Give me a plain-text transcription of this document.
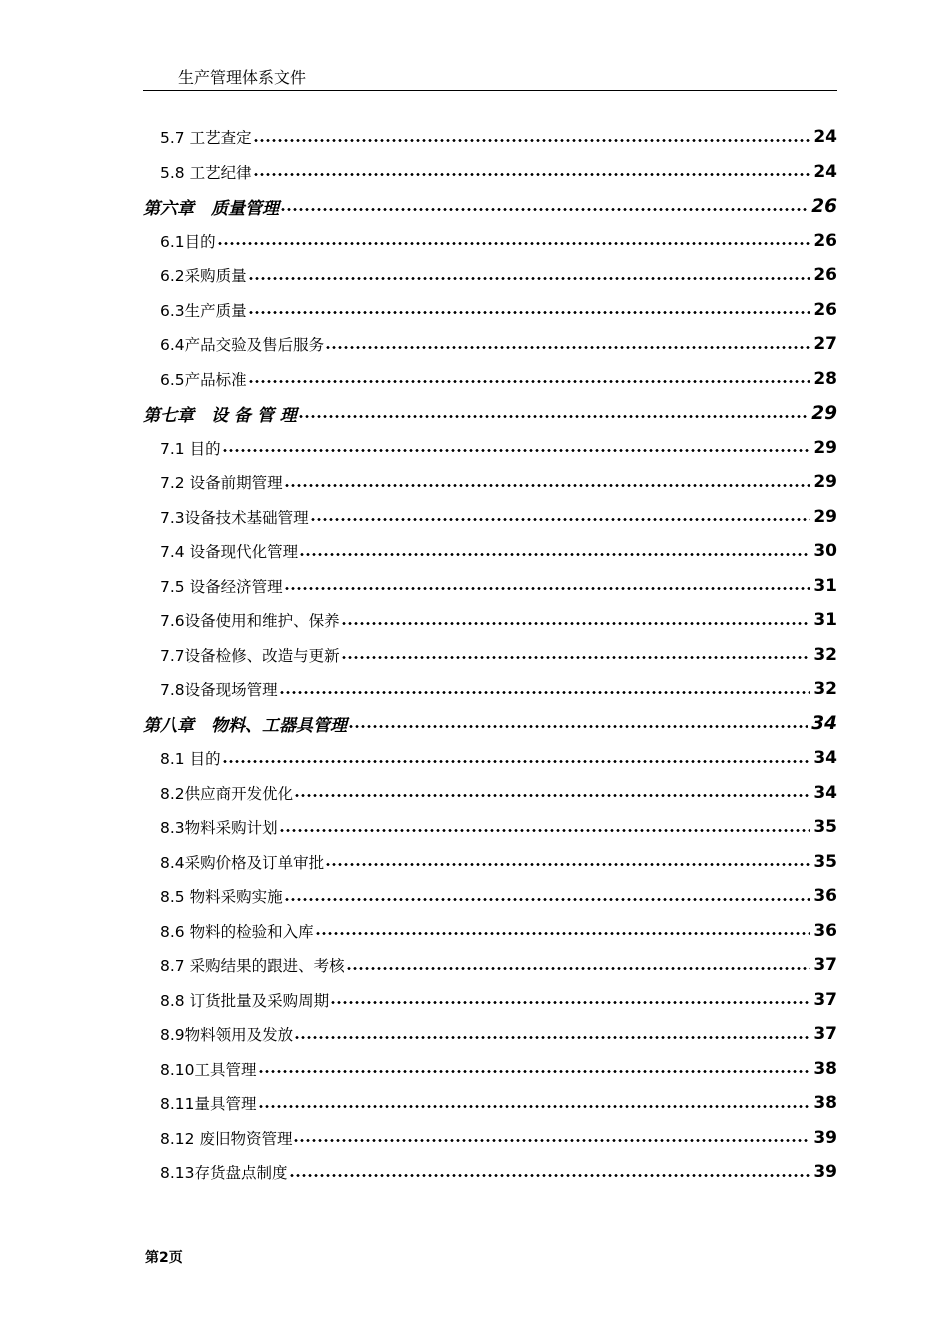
生产管理体系文件
5.7 工艺查定	24
5.8 工艺纪律	24
第六章　质量管理	26
6.1目的	26
6.2采购质量	26
6.3生产质量	26
6.4产品交验及售后服务	27
6.5产品标准	28
第七章　设 备 管 理	29
7.1 目的	29
7.2 设备前期管理	29
7.3设备技术基础管理	29
7.4 设备现代化管理	30
7.5 设备经济管理	31
7.6设备使用和维护、保养	31
7.7设备检修、改造与更新	32
7.8设备现场管理	32
第八章　物料、工器具管理	34
8.1 目的	34
8.2供应商开发优化	34
8.3物料采购计划	35
8.4采购价格及订单审批	35
8.5 物料采购实施	36
8.6 物料的检验和入库	36
8.7 采购结果的跟进、考核	37
8.8 订货批量及采购周期	37
8.9物料领用及发放	37
8.10工具管理	38
8.11量具管理	38
8.12 废旧物资管理	39
8.13存货盘点制度	39
第2页
